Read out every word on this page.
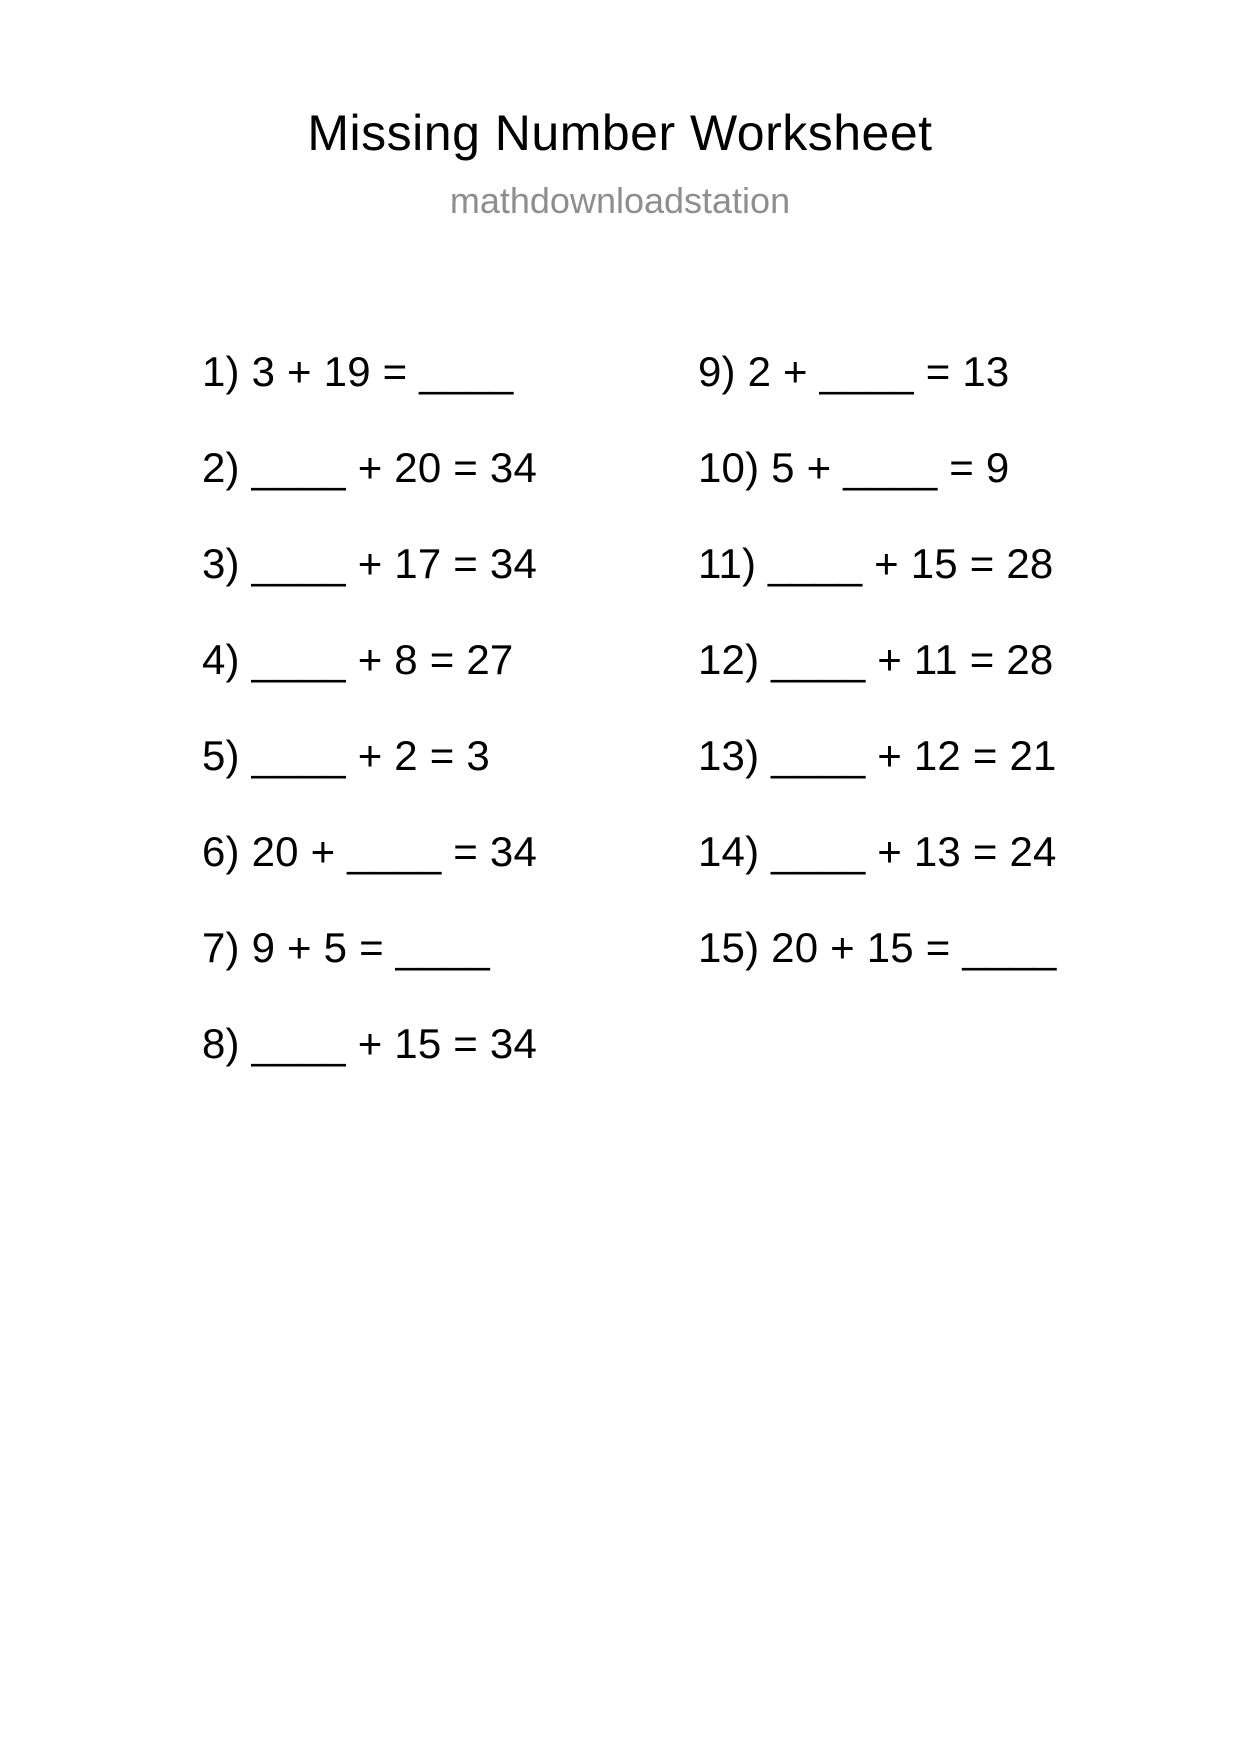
Missing Number Worksheet
mathdownloadstation
1) 3 + 19 = ____
2) ____ + 20 = 34
3) ____ + 17 = 34
4) ____ + 8 = 27
5) ____ + 2 = 3
6) 20 + ____ = 34
7) 9 + 5 = ____
8) ____ + 15 = 34
9) 2 + ____ = 13
10) 5 + ____ = 9
11) ____ + 15 = 28
12) ____ + 11 = 28
13) ____ + 12 = 21
14) ____ + 13 = 24
15) 20 + 15 = ____
